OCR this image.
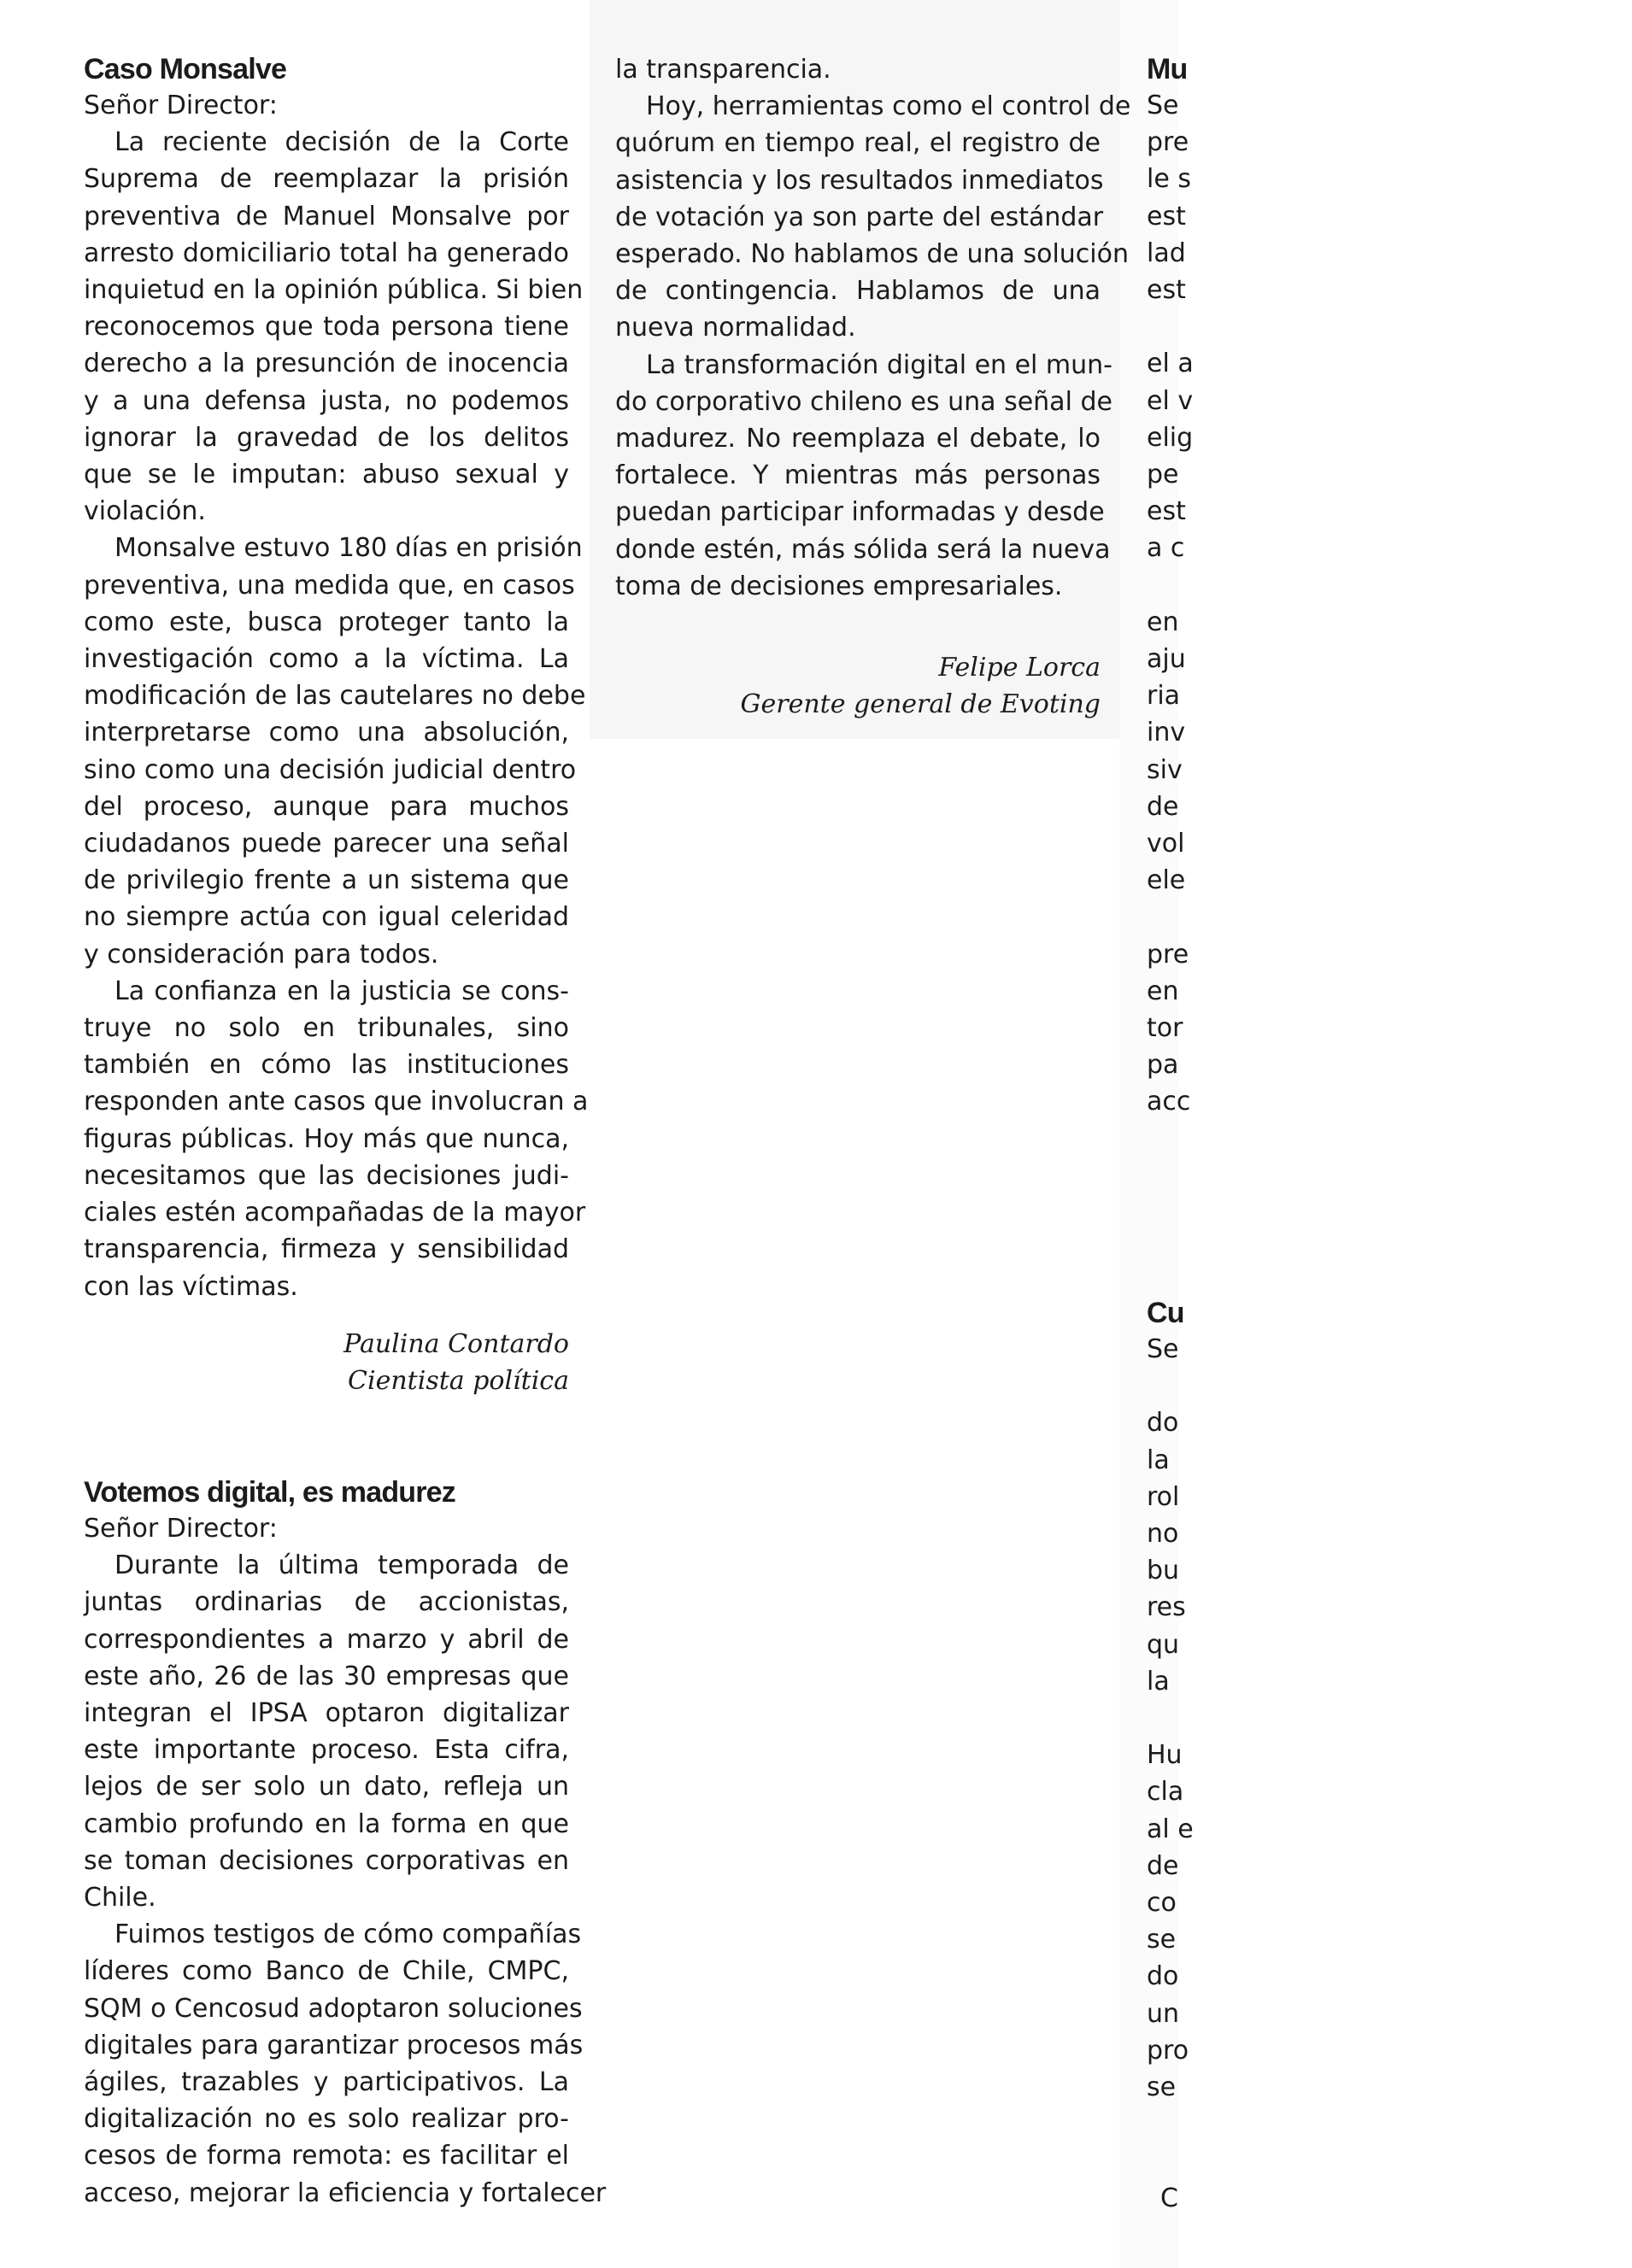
Caso Monsalve
Señor Director:
La reciente decisión de la Corte
Suprema de reemplazar la prisión
preventiva de Manuel Monsalve por
arresto domiciliario total ha generado
inquietud en la opinión pública. Si bien
reconocemos que toda persona tiene
derecho a la presunción de inocencia
y a una defensa justa, no podemos
ignorar la gravedad de los delitos
que se le imputan: abuso sexual y
violación.
Monsalve estuvo 180 días en prisión
preventiva, una medida que, en casos
como este, busca proteger tanto la
investigación como a la víctima. La
modificación de las cautelares no debe
interpretarse como una absolución,
sino como una decisión judicial dentro
del proceso, aunque para muchos
ciudadanos puede parecer una señal
de privilegio frente a un sistema que
no siempre actúa con igual celeridad
y consideración para todos.
La confianza en la justicia se cons-
truye no solo en tribunales, sino
también en cómo las instituciones
responden ante casos que involucran a
figuras públicas. Hoy más que nunca,
necesitamos que las decisiones judi-
ciales estén acompañadas de la mayor
transparencia, firmeza y sensibilidad
con las víctimas.
Paulina Contardo
Cientista política
Votemos digital, es madurez
Señor Director:
Durante la última temporada de
juntas ordinarias de accionistas,
correspondientes a marzo y abril de
este año, 26 de las 30 empresas que
integran el IPSA optaron digitalizar
este importante proceso. Esta cifra,
lejos de ser solo un dato, refleja un
cambio profundo en la forma en que
se toman decisiones corporativas en
Chile.
Fuimos testigos de cómo compañías
líderes como Banco de Chile, CMPC,
SQM o Cencosud adoptaron soluciones
digitales para garantizar procesos más
ágiles, trazables y participativos. La
digitalización no es solo realizar pro-
cesos de forma remota: es facilitar el
acceso, mejorar la eficiencia y fortalecer
la transparencia.
Hoy, herramientas como el control de
quórum en tiempo real, el registro de
asistencia y los resultados inmediatos
de votación ya son parte del estándar
esperado. No hablamos de una solución
de contingencia. Hablamos de una
nueva normalidad.
La transformación digital en el mun-
do corporativo chileno es una señal de
madurez. No reemplaza el debate, lo
fortalece. Y mientras más personas
puedan participar informadas y desde
donde estén, más sólida será la nueva
toma de decisiones empresariales.
Felipe Lorca
Gerente general de Evoting
Mu
Se
pre
le s
est
lad
est

el a
el v
elig
pe
est
a c

en
aju
ria
inv
siv
de
vol
ele

pre
en
tor
pa
acc
Cu
Se

do
la
rol
no
bu
res
qu
la

Hu
cla
al e
de
co
se
do
un
pro
se

C
